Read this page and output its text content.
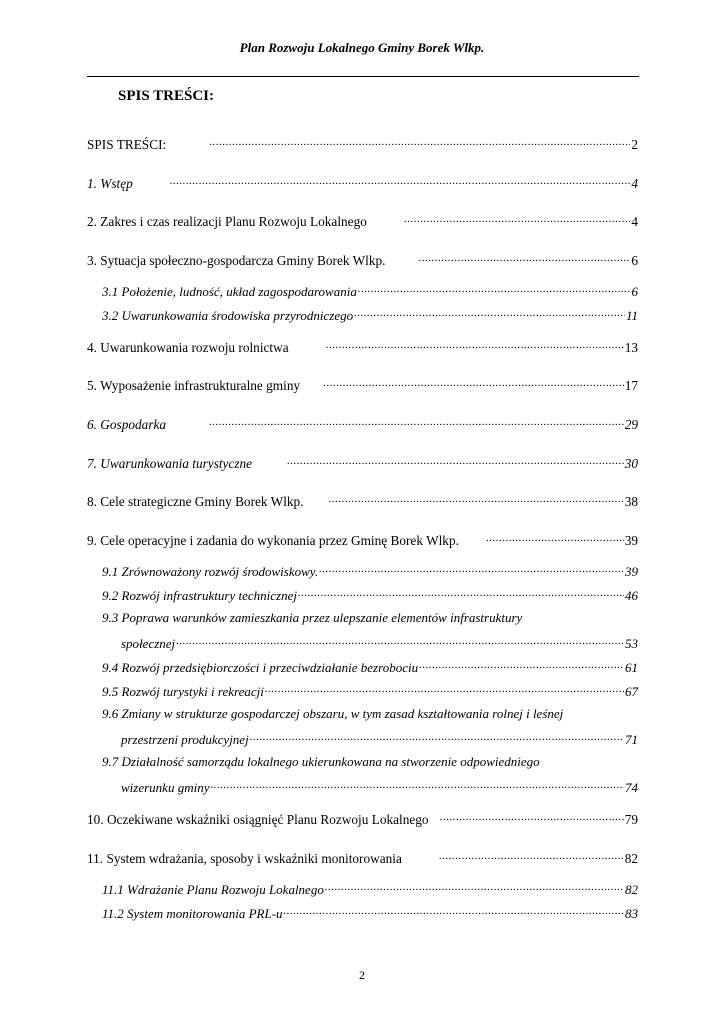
Plan Rozwoju Lokalnego Gminy Borek Wlkp.
SPIS TREŚCI:
SPIS TREŚCI: .....	2
1. Wstęp .....	4
2. Zakres i czas realizacji Planu Rozwoju Lokalnego .....	4
3. Sytuacja społeczno-gospodarcza Gminy Borek Wlkp. .....	6
3.1 Położenie, ludność, układ zagospodarowania .....	6
3.2 Uwarunkowania środowiska przyrodniczego .....	11
4. Uwarunkowania rozwoju rolnictwa .....	13
5. Wyposażenie infrastrukturalne gminy .....	17
6. Gospodarka .....	29
7. Uwarunkowania turystyczne .....	30
8. Cele strategiczne Gminy Borek Wlkp. .....	38
9. Cele operacyjne i zadania do wykonania przez Gminę Borek Wlkp. .....	39
9.1 Zrównoważony rozwój środowiskowy. .....	39
9.2 Rozwój infrastruktury technicznej .....	46
9.3 Poprawa warunków zamieszkania przez ulepszanie elementów infrastruktury
społecznej .....	53
9.4 Rozwój przedsiębiorczości i przeciwdziałanie bezrobociu .....	61
9.5 Rozwój turystyki i rekreacji .....	67
9.6 Zmiany w strukturze gospodarczej obszaru, w tym zasad kształtowania rolnej i leśnej
przestrzeni produkcyjnej .....	71
9.7 Działalność samorządu lokalnego ukierunkowana na stworzenie odpowiedniego
wizerunku gminy .....	74
10. Oczekiwane wskaźniki osiągnięć Planu Rozwoju Lokalnego .....	79
11. System wdrażania, sposoby i wskaźniki monitorowania .....	82
11.1 Wdrażanie Planu Rozwoju Lokalnego .....	82
11.2 System monitorowania PRL-u .....	83
2
